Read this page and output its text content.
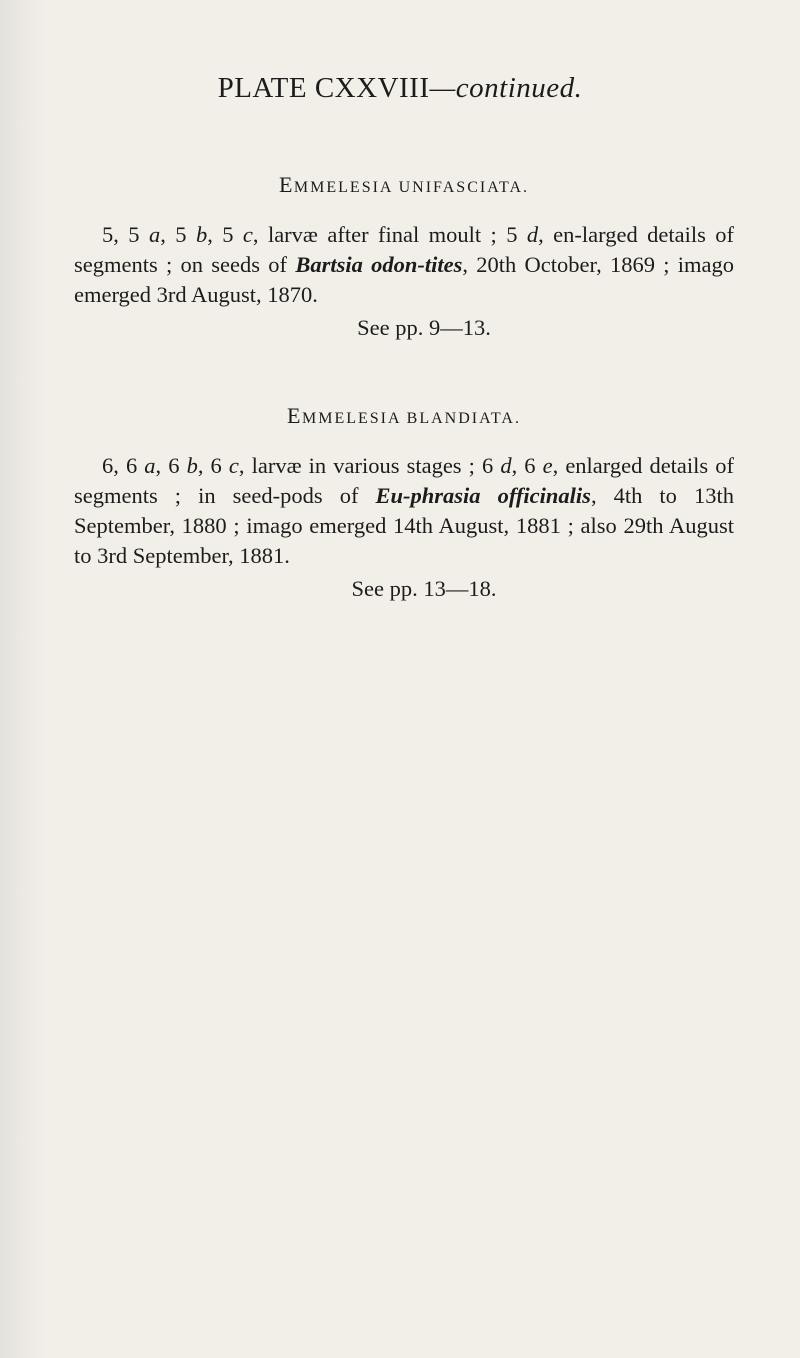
PLATE CXXVIII—continued.
EMMELESIA UNIFASCIATA.

5, 5 a, 5 b, 5 c, larvæ after final moult ; 5 d, en-larged details of segments ; on seeds of Bartsia odon-tites, 20th October, 1869 ; imago emerged 3rd August, 1870.

See pp. 9—13.

EMMELESIA BLANDIATA.

6, 6 a, 6 b, 6 c, larvæ in various stages ; 6 d, 6 e, enlarged details of segments ; in seed-pods of Eu-phrasia officinalis, 4th to 13th September, 1880 ; imago emerged 14th August, 1881 ; also 29th August to 3rd September, 1881.

See pp. 13—18.
